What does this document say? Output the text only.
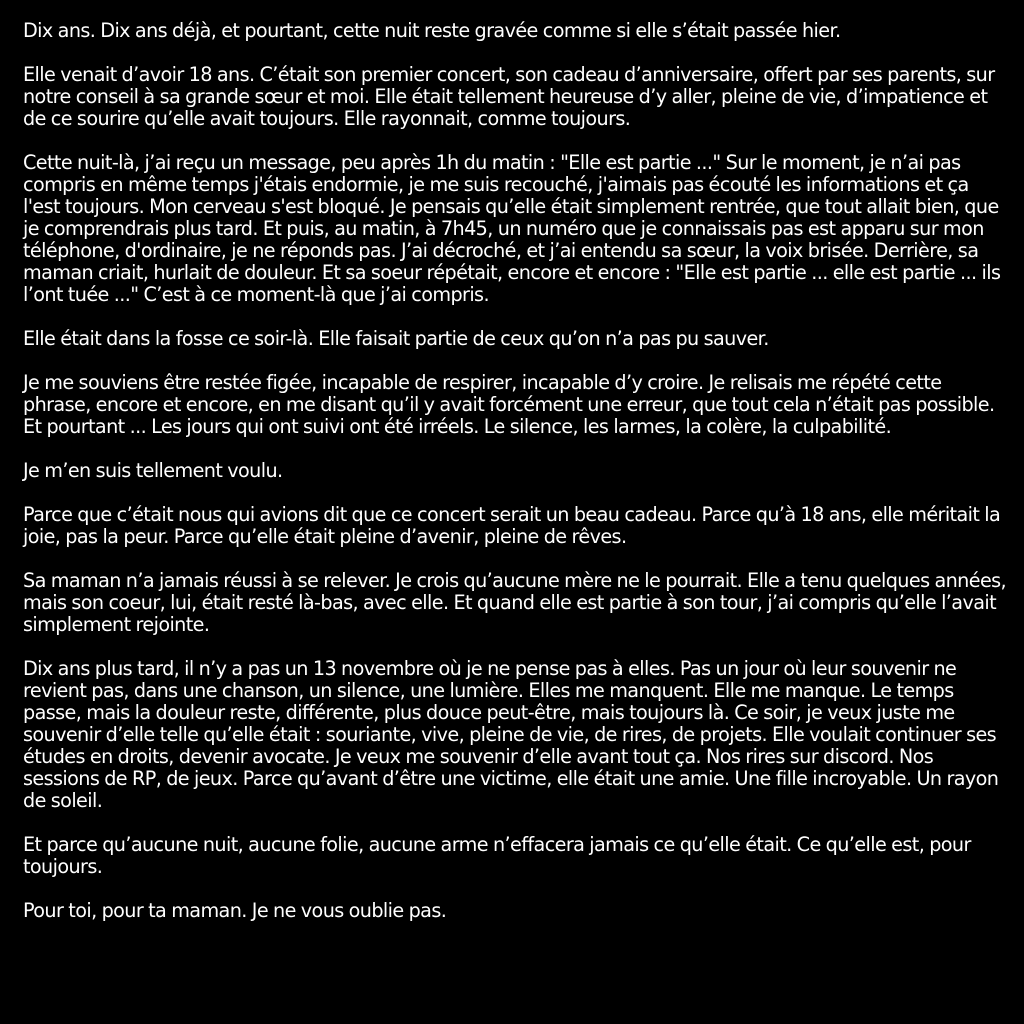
Dix ans. Dix ans déjà, et pourtant, cette nuit reste gravée comme si elle s’était passée hier.

Elle venait d’avoir 18 ans. C’était son premier concert, son cadeau d’anniversaire, offert par ses parents, sur notre conseil à sa grande sœur et moi. Elle était tellement heureuse d’y aller, pleine de vie, d’impatience et de ce sourire qu’elle avait toujours. Elle rayonnait, comme toujours.

Cette nuit-là, j’ai reçu un message, peu après 1h du matin : "Elle est partie ..." Sur le moment, je n’ai pas compris en même temps j'étais endormie, je me suis recouché, j'aimais pas écouté les informations et ça l'est toujours. Mon cerveau s'est bloqué. Je pensais qu’elle était simplement rentrée, que tout allait bien, que je comprendrais plus tard. Et puis, au matin, à 7h45, un numéro que je connaissais pas est apparu sur mon téléphone, d'ordinaire, je ne réponds pas. J’ai décroché, et j’ai entendu sa sœur, la voix brisée. Derrière, sa maman criait, hurlait de douleur. Et sa soeur répétait, encore et encore : "Elle est partie ... elle est partie ... ils l’ont tuée ..." C’est à ce moment-là que j’ai compris.

Elle était dans la fosse ce soir-là. Elle faisait partie de ceux qu’on n’a pas pu sauver.

Je me souviens être restée figée, incapable de respirer, incapable d’y croire. Je relisais me répété cette phrase, encore et encore, en me disant qu’il y avait forcément une erreur, que tout cela n’était pas possible. Et pourtant ... Les jours qui ont suivi ont été irréels. Le silence, les larmes, la colère, la culpabilité.

Je m’en suis tellement voulu.

Parce que c’était nous qui avions dit que ce concert serait un beau cadeau. Parce qu’à 18 ans, elle méritait la joie, pas la peur. Parce qu’elle était pleine d’avenir, pleine de rêves.

Sa maman n’a jamais réussi à se relever. Je crois qu’aucune mère ne le pourrait. Elle a tenu quelques années, mais son coeur, lui, était resté là-bas, avec elle. Et quand elle est partie à son tour, j’ai compris qu’elle l’avait simplement rejointe.

Dix ans plus tard, il n’y a pas un 13 novembre où je ne pense pas à elles. Pas un jour où leur souvenir ne revient pas, dans une chanson, un silence, une lumière. Elles me manquent. Elle me manque. Le temps passe, mais la douleur reste, différente, plus douce peut-être, mais toujours là. Ce soir, je veux juste me souvenir d’elle telle qu’elle était : souriante, vive, pleine de vie, de rires, de projets. Elle voulait continuer ses études en droits, devenir avocate. Je veux me souvenir d’elle avant tout ça. Nos rires sur discord. Nos sessions de RP, de jeux. Parce qu’avant d’être une victime, elle était une amie. Une fille incroyable. Un rayon de soleil.

Et parce qu’aucune nuit, aucune folie, aucune arme n’effacera jamais ce qu’elle était. Ce qu’elle est, pour toujours.

Pour toi, pour ta maman. Je ne vous oublie pas.
